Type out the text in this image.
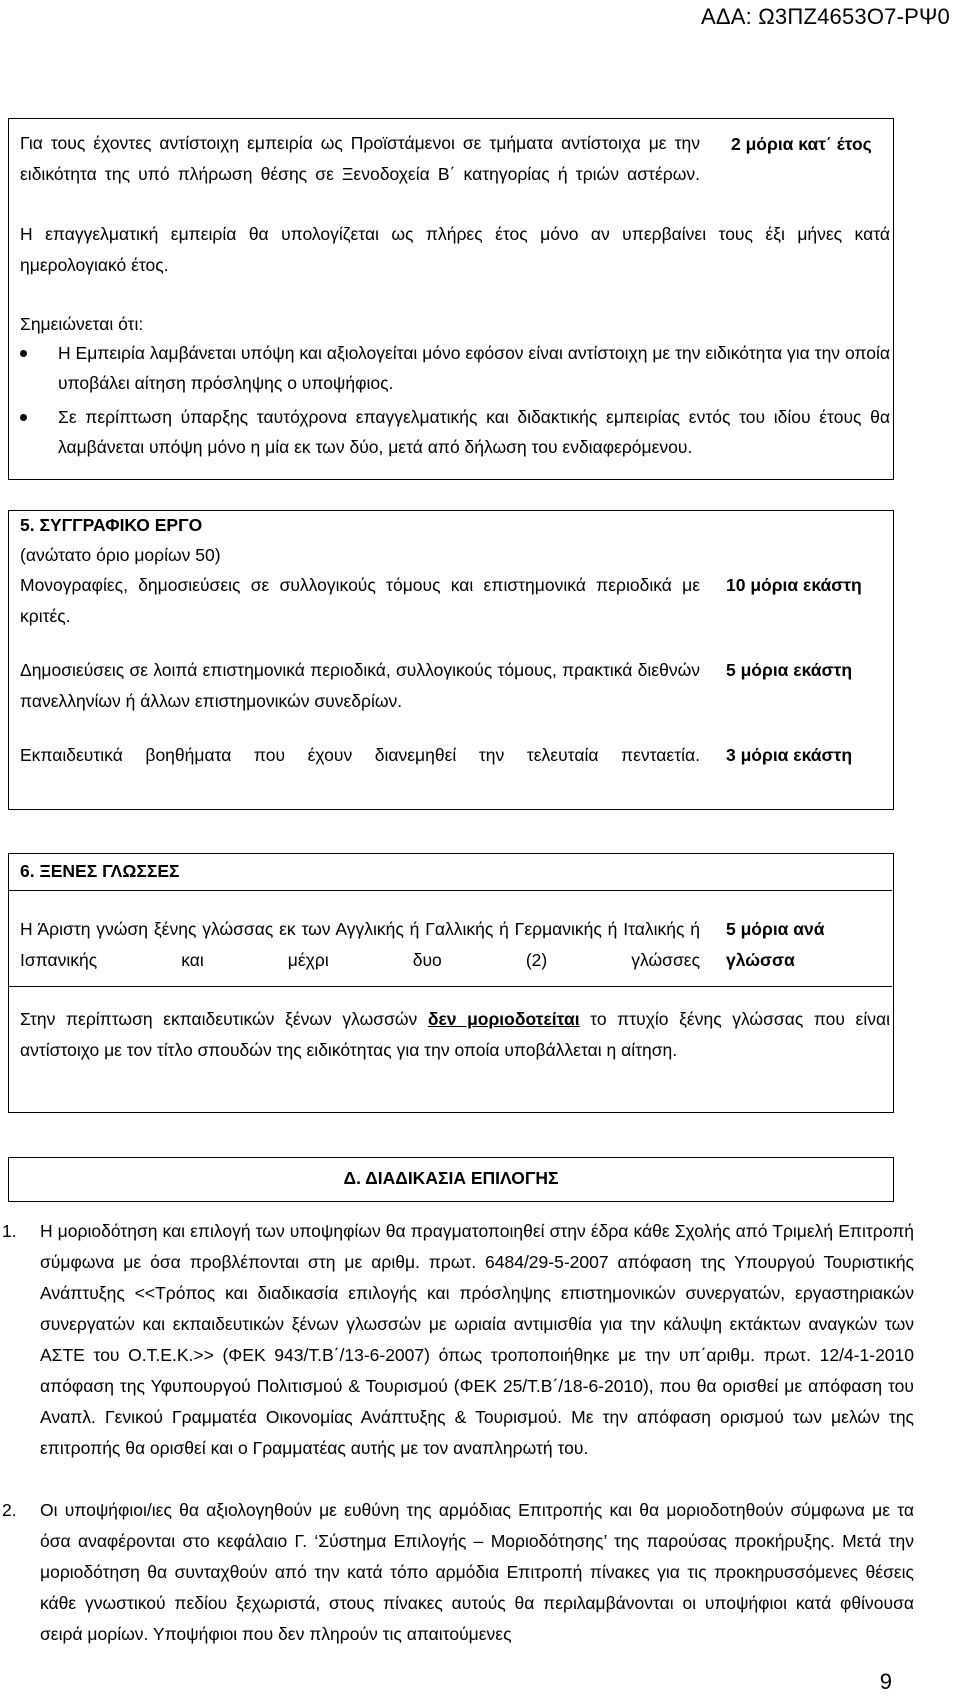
ΑΔΑ: Ω3ΠΖ4653Ο7-ΡΨ0
Για τους έχοντες αντίστοιχη εμπειρία ως Προϊστάμενοι σε τμήματα αντίστοιχα με την ειδικότητα της υπό πλήρωση θέσης σε Ξενοδοχεία Β΄ κατηγορίας ή τριών αστέρων.
2 μόρια κατ΄ έτος
Η επαγγελματική εμπειρία θα υπολογίζεται ως πλήρες έτος μόνο αν υπερβαίνει τους έξι μήνες κατά ημερολογιακό έτος.
Σημειώνεται ότι:
Η Εμπειρία λαμβάνεται υπόψη και αξιολογείται μόνο εφόσον είναι αντίστοιχη με την ειδικότητα για την οποία υποβάλει αίτηση πρόσληψης ο υποψήφιος.
Σε περίπτωση ύπαρξης ταυτόχρονα επαγγελματικής και διδακτικής εμπειρίας εντός του ιδίου έτους θα λαμβάνεται υπόψη μόνο η μία εκ των δύο, μετά από δήλωση του ενδιαφερόμενου.
5. ΣΥΓΓΡΑΦΙΚΟ ΕΡΓΟ
(ανώτατο όριο μορίων 50)
Μονογραφίες, δημοσιεύσεις σε συλλογικούς τόμους και επιστημονικά περιοδικά με κριτές.
10 μόρια εκάστη
Δημοσιεύσεις σε λοιπά επιστημονικά περιοδικά, συλλογικούς τόμους, πρακτικά διεθνών πανελληνίων ή άλλων επιστημονικών συνεδρίων.
5 μόρια εκάστη
Εκπαιδευτικά βοηθήματα που έχουν διανεμηθεί την τελευταία πενταετία. 3 μόρια εκάστη
6. ΞΕΝΕΣ ΓΛΩΣΣΕΣ
Η Άριστη γνώση ξένης γλώσσας εκ των Αγγλικής ή Γαλλικής ή Γερμανικής ή Ιταλικής ή Ισπανικής και μέχρι δυο (2) γλώσσες
5 μόρια ανά γλώσσα
Στην περίπτωση εκπαιδευτικών ξένων γλωσσών δεν μοριοδοτείται το πτυχίο ξένης γλώσσας που είναι αντίστοιχο με τον τίτλο σπουδών της ειδικότητας για την οποία υποβάλλεται η αίτηση.
Δ. ΔΙΑΔΙΚΑΣΙΑ ΕΠΙΛΟΓΗΣ
1. Η μοριοδότηση και επιλογή των υποψηφίων θα πραγματοποιηθεί στην έδρα κάθε Σχολής από Τριμελή Επιτροπή σύμφωνα με όσα προβλέπονται στη με αριθμ. πρωτ. 6484/29-5-2007 απόφαση της Υπουργού Τουριστικής Ανάπτυξης <<Τρόπος και διαδικασία επιλογής και πρόσληψης επιστημονικών συνεργατών, εργαστηριακών συνεργατών και εκπαιδευτικών ξένων γλωσσών με ωριαία αντιμισθία για την κάλυψη εκτάκτων αναγκών των ΑΣΤΕ του Ο.Τ.Ε.Κ.>> (ΦΕΚ 943/Τ.Β΄/13-6-2007) όπως τροποποιήθηκε με την υπ΄αριθμ. πρωτ. 12/4-1-2010 απόφαση της Υφυπουργού Πολιτισμού & Τουρισμού (ΦΕΚ 25/Τ.Β΄/18-6-2010), που θα ορισθεί με απόφαση του Αναπλ. Γενικού Γραμματέα Οικονομίας Ανάπτυξης & Τουρισμού. Με την απόφαση ορισμού των μελών της επιτροπής θα ορισθεί και ο Γραμματέας αυτής με τον αναπληρωτή του.
2. Οι υποψήφιοι/ιες θα αξιολογηθούν με ευθύνη της αρμόδιας Επιτροπής και θα μοριοδοτηθούν σύμφωνα με τα όσα αναφέρονται στο κεφάλαιο Γ. ‘Σύστημα Επιλογής – Μοριοδότησης’ της παρούσας προκήρυξης. Μετά την μοριοδότηση θα συνταχθούν από την κατά τόπο αρμόδια Επιτροπή πίνακες για τις προκηρυσσόμενες θέσεις κάθε γνωστικού πεδίου ξεχωριστά, στους πίνακες αυτούς θα περιλαμβάνονται οι υποψήφιοι κατά φθίνουσα σειρά μορίων. Υποψήφιοι που δεν πληρούν τις απαιτούμενες
9
